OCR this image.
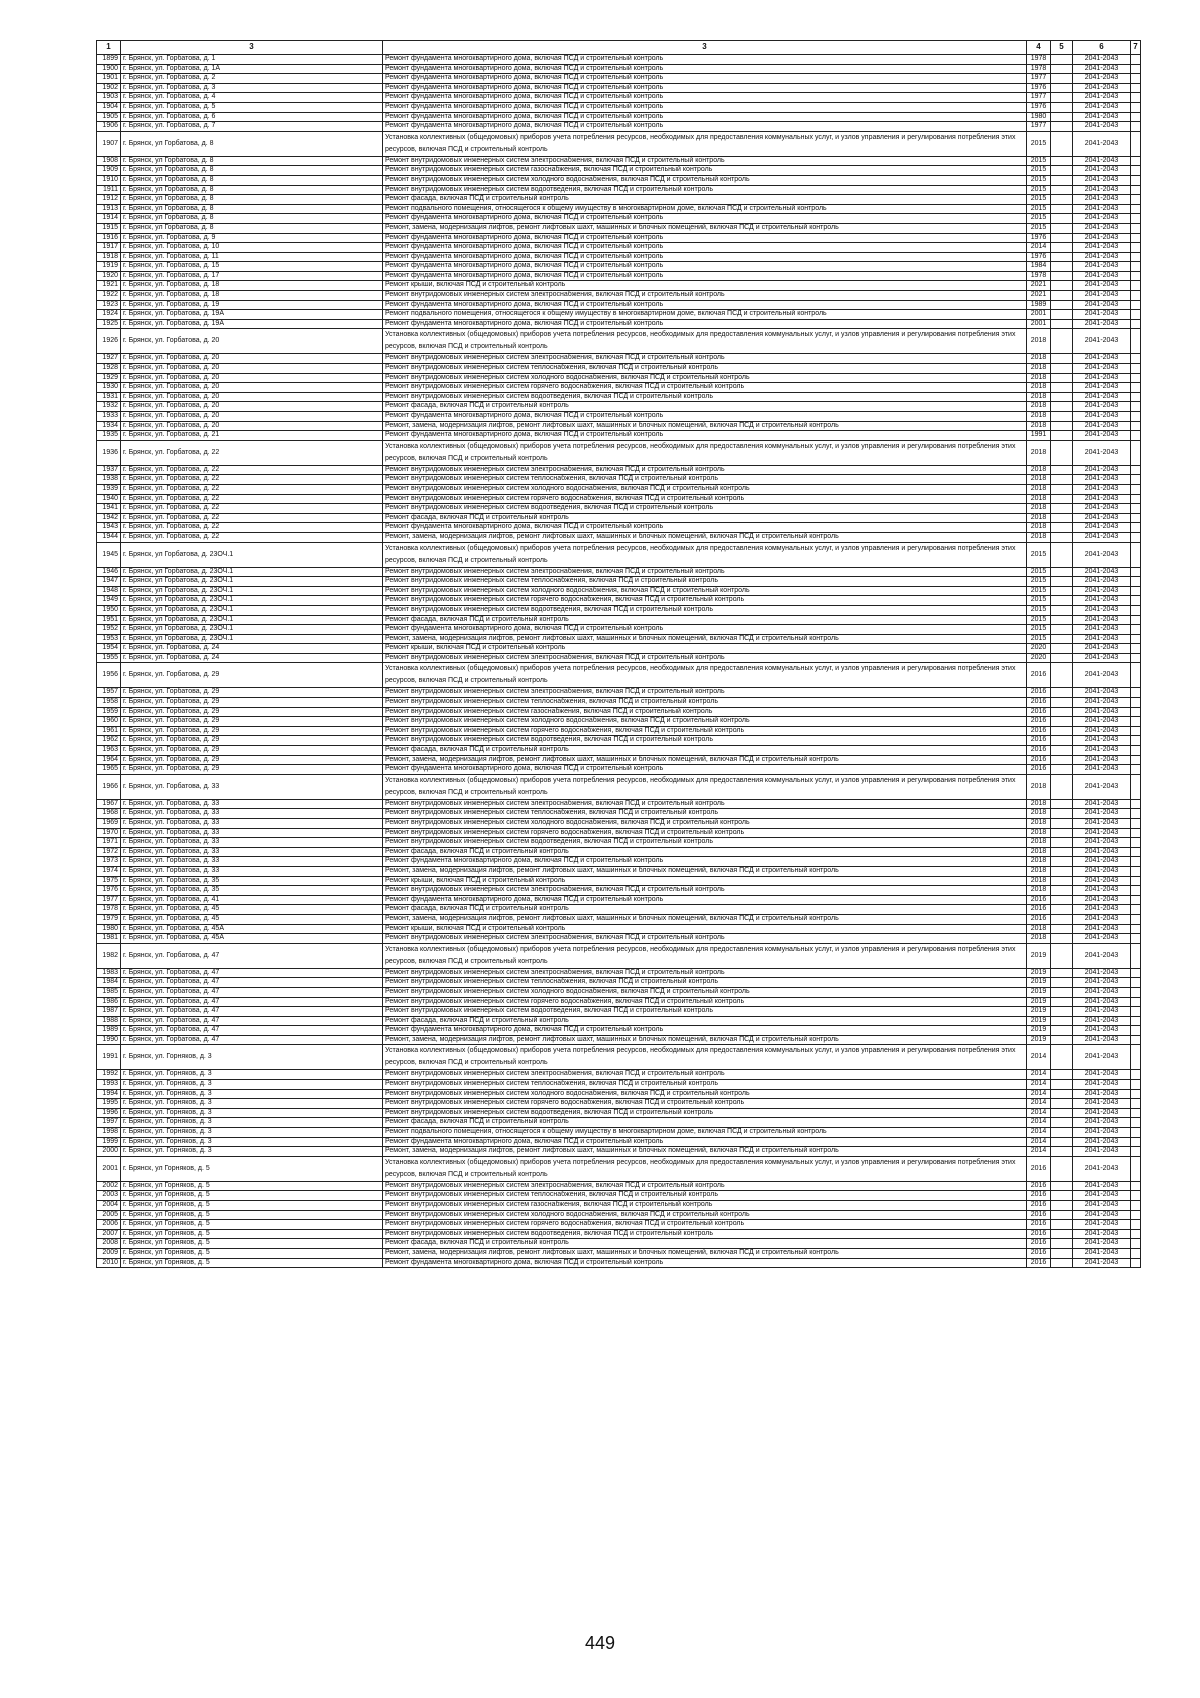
1	3	3	4	5	6	7
1899	г. Брянск, ул. Горбатова, д. 1	Ремонт фундамента многоквартирного дома, включая ПСД и строительный контроль	1978		2041-2043	
1900	г. Брянск, ул. Горбатова, д. 1А	Ремонт фундамента многоквартирного дома, включая ПСД и строительный контроль	1978		2041-2043	
1901	г. Брянск, ул. Горбатова, д. 2	Ремонт фундамента многоквартирного дома, включая ПСД и строительный контроль	1977		2041-2043	
1902	г. Брянск, ул. Горбатова, д. 3	Ремонт фундамента многоквартирного дома, включая ПСД и строительный контроль	1976		2041-2043	
1903	г. Брянск, ул. Горбатова, д. 4	Ремонт фундамента многоквартирного дома, включая ПСД и строительный контроль	1977		2041-2043	
1904	г. Брянск, ул. Горбатова, д. 5	Ремонт фундамента многоквартирного дома, включая ПСД и строительный контроль	1976		2041-2043	
1905	г. Брянск, ул. Горбатова, д. 6	Ремонт фундамента многоквартирного дома, включая ПСД и строительный контроль	1980		2041-2043	
1906	г. Брянск, ул. Горбатова, д. 7	Ремонт фундамента многоквартирного дома, включая ПСД и строительный контроль	1977		2041-2043	
1907	г. Брянск, ул Горбатова, д. 8	Установка коллективных (общедомовых) приборов учета потребления ресурсов, необходимых для предоставления коммунальных услуг, и узлов управления и регулирования потребления этих ресурсов, включая ПСД и строительный контроль	2015		2041-2043	
1908	г. Брянск, ул Горбатова, д. 8	Ремонт внутридомовых инженерных систем электроснабжения, включая ПСД и строительный контроль	2015		2041-2043	
1909	г. Брянск, ул Горбатова, д. 8	Ремонт внутридомовых инженерных систем газоснабжения, включая ПСД и строительный контроль	2015		2041-2043	
1910	г. Брянск, ул Горбатова, д. 8	Ремонт внутридомовых инженерных систем холодного водоснабжения, включая ПСД и строительный контроль	2015		2041-2043	
1911	г. Брянск, ул Горбатова, д. 8	Ремонт внутридомовых инженерных систем водоотведения, включая ПСД и строительный контроль	2015		2041-2043	
1912	г. Брянск, ул Горбатова, д. 8	Ремонт фасада, включая ПСД и строительный контроль	2015		2041-2043	
1913	г. Брянск, ул Горбатова, д. 8	Ремонт подвального помещения, относящегося к общему имуществу в многоквартирном доме, включая ПСД и строительный контроль	2015		2041-2043	
1914	г. Брянск, ул Горбатова, д. 8	Ремонт фундамента многоквартирного дома, включая ПСД и строительный контроль	2015		2041-2043	
1915	г. Брянск, ул Горбатова, д. 8	Ремонт, замена, модернизация лифтов, ремонт лифтовых шахт, машинных и блочных помещений, включая ПСД и строительный контроль	2015		2041-2043	
1916	г. Брянск, ул. Горбатова, д. 9	Ремонт фундамента многоквартирного дома, включая ПСД и строительный контроль	1976		2041-2043	
1917	г. Брянск, ул. Горбатова, д. 10	Ремонт фундамента многоквартирного дома, включая ПСД и строительный контроль	2014		2041-2043	
1918	г. Брянск, ул. Горбатова, д. 11	Ремонт фундамента многоквартирного дома, включая ПСД и строительный контроль	1976		2041-2043	
1919	г. Брянск, ул. Горбатова, д. 15	Ремонт фундамента многоквартирного дома, включая ПСД и строительный контроль	1984		2041-2043	
1920	г. Брянск, ул. Горбатова, д. 17	Ремонт фундамента многоквартирного дома, включая ПСД и строительный контроль	1978		2041-2043	
1921	г. Брянск, ул. Горбатова, д. 18	Ремонт крыши, включая ПСД и строительный контроль	2021		2041-2043	
1922	г. Брянск, ул. Горбатова, д. 18	Ремонт внутридомовых инженерных систем электроснабжения, включая ПСД и строительный контроль	2021		2041-2043	
1923	г. Брянск, ул. Горбатова, д. 19	Ремонт фундамента многоквартирного дома, включая ПСД и строительный контроль	1989		2041-2043	
1924	г. Брянск, ул. Горбатова, д. 19А	Ремонт подвального помещения, относящегося к общему имуществу в многоквартирном доме, включая ПСД и строительный контроль	2001		2041-2043	
1925	г. Брянск, ул. Горбатова, д. 19А	Ремонт фундамента многоквартирного дома, включая ПСД и строительный контроль	2001		2041-2043	
1926	г. Брянск, ул. Горбатова, д. 20	Установка коллективных (общедомовых) приборов учета потребления ресурсов, необходимых для предоставления коммунальных услуг, и узлов управления и регулирования потребления этих ресурсов, включая ПСД и строительный контроль	2018		2041-2043	
1927	г. Брянск, ул. Горбатова, д. 20	Ремонт внутридомовых инженерных систем электроснабжения, включая ПСД и строительный контроль	2018		2041-2043	
1928	г. Брянск, ул. Горбатова, д. 20	Ремонт внутридомовых инженерных систем теплоснабжения, включая ПСД и строительный контроль	2018		2041-2043	
1929	г. Брянск, ул. Горбатова, д. 20	Ремонт внутридомовых инженерных систем холодного водоснабжения, включая ПСД и строительный контроль	2018		2041-2043	
1930	г. Брянск, ул. Горбатова, д. 20	Ремонт внутридомовых инженерных систем горячего водоснабжения, включая ПСД и строительный контроль	2018		2041-2043	
1931	г. Брянск, ул. Горбатова, д. 20	Ремонт внутридомовых инженерных систем водоотведения, включая ПСД и строительный контроль	2018		2041-2043	
1932	г. Брянск, ул. Горбатова, д. 20	Ремонт фасада, включая ПСД и строительный контроль	2018		2041-2043	
1933	г. Брянск, ул. Горбатова, д. 20	Ремонт фундамента многоквартирного дома, включая ПСД и строительный контроль	2018		2041-2043	
1934	г. Брянск, ул. Горбатова, д. 20	Ремонт, замена, модернизация лифтов, ремонт лифтовых шахт, машинных и блочных помещений, включая ПСД и строительный контроль	2018		2041-2043	
1935	г. Брянск, ул. Горбатова, д. 21	Ремонт фундамента многоквартирного дома, включая ПСД и строительный контроль	1991		2041-2043	
1936	г. Брянск, ул. Горбатова, д. 22	Установка коллективных (общедомовых) приборов учета потребления ресурсов, необходимых для предоставления коммунальных услуг, и узлов управления и регулирования потребления этих ресурсов, включая ПСД и строительный контроль	2018		2041-2043	
1937	г. Брянск, ул. Горбатова, д. 22	Ремонт внутридомовых инженерных систем электроснабжения, включая ПСД и строительный контроль	2018		2041-2043	
1938	г. Брянск, ул. Горбатова, д. 22	Ремонт внутридомовых инженерных систем теплоснабжения, включая ПСД и строительный контроль	2018		2041-2043	
1939	г. Брянск, ул. Горбатова, д. 22	Ремонт внутридомовых инженерных систем холодного водоснабжения, включая ПСД и строительный контроль	2018		2041-2043	
1940	г. Брянск, ул. Горбатова, д. 22	Ремонт внутридомовых инженерных систем горячего водоснабжения, включая ПСД и строительный контроль	2018		2041-2043	
1941	г. Брянск, ул. Горбатова, д. 22	Ремонт внутридомовых инженерных систем водоотведения, включая ПСД и строительный контроль	2018		2041-2043	
1942	г. Брянск, ул. Горбатова, д. 22	Ремонт фасада, включая ПСД и строительный контроль	2018		2041-2043	
1943	г. Брянск, ул. Горбатова, д. 22	Ремонт фундамента многоквартирного дома, включая ПСД и строительный контроль	2018		2041-2043	
1944	г. Брянск, ул. Горбатова, д. 22	Ремонт, замена, модернизация лифтов, ремонт лифтовых шахт, машинных и блочных помещений, включая ПСД и строительный контроль	2018		2041-2043	
1945	г. Брянск, ул Горбатова, д. 23ОЧ.1	Установка коллективных (общедомовых) приборов учета потребления ресурсов, необходимых для предоставления коммунальных услуг, и узлов управления и регулирования потребления этих ресурсов, включая ПСД и строительный контроль	2015		2041-2043	
1946	г. Брянск, ул Горбатова, д. 23ОЧ.1	Ремонт внутридомовых инженерных систем электроснабжения, включая ПСД и строительный контроль	2015		2041-2043	
1947	г. Брянск, ул Горбатова, д. 23ОЧ.1	Ремонт внутридомовых инженерных систем теплоснабжения, включая ПСД и строительный контроль	2015		2041-2043	
1948	г. Брянск, ул Горбатова, д. 23ОЧ.1	Ремонт внутридомовых инженерных систем холодного водоснабжения, включая ПСД и строительный контроль	2015		2041-2043	
1949	г. Брянск, ул Горбатова, д. 23ОЧ.1	Ремонт внутридомовых инженерных систем горячего водоснабжения, включая ПСД и строительный контроль	2015		2041-2043	
1950	г. Брянск, ул Горбатова, д. 23ОЧ.1	Ремонт внутридомовых инженерных систем водоотведения, включая ПСД и строительный контроль	2015		2041-2043	
1951	г. Брянск, ул Горбатова, д. 23ОЧ.1	Ремонт фасада, включая ПСД и строительный контроль	2015		2041-2043	
1952	г. Брянск, ул Горбатова, д. 23ОЧ.1	Ремонт фундамента многоквартирного дома, включая ПСД и строительный контроль	2015		2041-2043	
1953	г. Брянск, ул Горбатова, д. 23ОЧ.1	Ремонт, замена, модернизация лифтов, ремонт лифтовых шахт, машинных и блочных помещений, включая ПСД и строительный контроль	2015		2041-2043	
1954	г. Брянск, ул. Горбатова, д. 24	Ремонт крыши, включая ПСД и строительный контроль	2020		2041-2043	
1955	г. Брянск, ул. Горбатова, д. 24	Ремонт внутридомовых инженерных систем электроснабжения, включая ПСД и строительный контроль	2020		2041-2043	
1956	г. Брянск, ул. Горбатова, д. 29	Установка коллективных (общедомовых) приборов учета потребления ресурсов, необходимых для предоставления коммунальных услуг, и узлов управления и регулирования потребления этих ресурсов, включая ПСД и строительный контроль	2016		2041-2043	
1957	г. Брянск, ул. Горбатова, д. 29	Ремонт внутридомовых инженерных систем электроснабжения, включая ПСД и строительный контроль	2016		2041-2043	
1958	г. Брянск, ул. Горбатова, д. 29	Ремонт внутридомовых инженерных систем теплоснабжения, включая ПСД и строительный контроль	2016		2041-2043	
1959	г. Брянск, ул. Горбатова, д. 29	Ремонт внутридомовых инженерных систем газоснабжения, включая ПСД и строительный контроль	2016		2041-2043	
1960	г. Брянск, ул. Горбатова, д. 29	Ремонт внутридомовых инженерных систем холодного водоснабжения, включая ПСД и строительный контроль	2016		2041-2043	
1961	г. Брянск, ул. Горбатова, д. 29	Ремонт внутридомовых инженерных систем горячего водоснабжения, включая ПСД и строительный контроль	2016		2041-2043	
1962	г. Брянск, ул. Горбатова, д. 29	Ремонт внутридомовых инженерных систем водоотведения, включая ПСД и строительный контроль	2016		2041-2043	
1963	г. Брянск, ул. Горбатова, д. 29	Ремонт фасада, включая ПСД и строительный контроль	2016		2041-2043	
1964	г. Брянск, ул. Горбатова, д. 29	Ремонт, замена, модернизация лифтов, ремонт лифтовых шахт, машинных и блочных помещений, включая ПСД и строительный контроль	2016		2041-2043	
1965	г. Брянск, ул. Горбатова, д. 29	Ремонт фундамента многоквартирного дома, включая ПСД и строительный контроль	2016		2041-2043	
1966	г. Брянск, ул. Горбатова, д. 33	Установка коллективных (общедомовых) приборов учета потребления ресурсов, необходимых для предоставления коммунальных услуг, и узлов управления и регулирования потребления этих ресурсов, включая ПСД и строительный контроль	2018		2041-2043	
1967	г. Брянск, ул. Горбатова, д. 33	Ремонт внутридомовых инженерных систем электроснабжения, включая ПСД и строительный контроль	2018		2041-2043	
1968	г. Брянск, ул. Горбатова, д. 33	Ремонт внутридомовых инженерных систем теплоснабжения, включая ПСД и строительный контроль	2018		2041-2043	
1969	г. Брянск, ул. Горбатова, д. 33	Ремонт внутридомовых инженерных систем холодного водоснабжения, включая ПСД и строительный контроль	2018		2041-2043	
1970	г. Брянск, ул. Горбатова, д. 33	Ремонт внутридомовых инженерных систем горячего водоснабжения, включая ПСД и строительный контроль	2018		2041-2043	
1971	г. Брянск, ул. Горбатова, д. 33	Ремонт внутридомовых инженерных систем водоотведения, включая ПСД и строительный контроль	2018		2041-2043	
1972	г. Брянск, ул. Горбатова, д. 33	Ремонт фасада, включая ПСД и строительный контроль	2018		2041-2043	
1973	г. Брянск, ул. Горбатова, д. 33	Ремонт фундамента многоквартирного дома, включая ПСД и строительный контроль	2018		2041-2043	
1974	г. Брянск, ул. Горбатова, д. 33	Ремонт, замена, модернизация лифтов, ремонт лифтовых шахт, машинных и блочных помещений, включая ПСД и строительный контроль	2018		2041-2043	
1975	г. Брянск, ул. Горбатова, д. 35	Ремонт крыши, включая ПСД и строительный контроль	2018		2041-2043	
1976	г. Брянск, ул. Горбатова, д. 35	Ремонт внутридомовых инженерных систем электроснабжения, включая ПСД и строительный контроль	2018		2041-2043	
1977	г. Брянск, ул. Горбатова, д. 41	Ремонт фундамента многоквартирного дома, включая ПСД и строительный контроль	2016		2041-2043	
1978	г. Брянск, ул. Горбатова, д. 45	Ремонт фасада, включая ПСД и строительный контроль	2016		2041-2043	
1979	г. Брянск, ул. Горбатова, д. 45	Ремонт, замена, модернизация лифтов, ремонт лифтовых шахт, машинных и блочных помещений, включая ПСД и строительный контроль	2016		2041-2043	
1980	г. Брянск, ул. Горбатова, д. 45А	Ремонт крыши, включая ПСД и строительный контроль	2018		2041-2043	
1981	г. Брянск, ул. Горбатова, д. 45А	Ремонт внутридомовых инженерных систем электроснабжения, включая ПСД и строительный контроль	2018		2041-2043	
1982	г. Брянск, ул. Горбатова, д. 47	Установка коллективных (общедомовых) приборов учета потребления ресурсов, необходимых для предоставления коммунальных услуг, и узлов управления и регулирования потребления этих ресурсов, включая ПСД и строительный контроль	2019		2041-2043	
1983	г. Брянск, ул. Горбатова, д. 47	Ремонт внутридомовых инженерных систем электроснабжения, включая ПСД и строительный контроль	2019		2041-2043	
1984	г. Брянск, ул. Горбатова, д. 47	Ремонт внутридомовых инженерных систем теплоснабжения, включая ПСД и строительный контроль	2019		2041-2043	
1985	г. Брянск, ул. Горбатова, д. 47	Ремонт внутридомовых инженерных систем холодного водоснабжения, включая ПСД и строительный контроль	2019		2041-2043	
1986	г. Брянск, ул. Горбатова, д. 47	Ремонт внутридомовых инженерных систем горячего водоснабжения, включая ПСД и строительный контроль	2019		2041-2043	
1987	г. Брянск, ул. Горбатова, д. 47	Ремонт внутридомовых инженерных систем водоотведения, включая ПСД и строительный контроль	2019		2041-2043	
1988	г. Брянск, ул. Горбатова, д. 47	Ремонт фасада, включая ПСД и строительный контроль	2019		2041-2043	
1989	г. Брянск, ул. Горбатова, д. 47	Ремонт фундамента многоквартирного дома, включая ПСД и строительный контроль	2019		2041-2043	
1990	г. Брянск, ул. Горбатова, д. 47	Ремонт, замена, модернизация лифтов, ремонт лифтовых шахт, машинных и блочных помещений, включая ПСД и строительный контроль	2019		2041-2043	
1991	г. Брянск, ул. Горняков, д. 3	Установка коллективных (общедомовых) приборов учета потребления ресурсов, необходимых для предоставления коммунальных услуг, и узлов управления и регулирования потребления этих ресурсов, включая ПСД и строительный контроль	2014		2041-2043	
1992	г. Брянск, ул. Горняков, д. 3	Ремонт внутридомовых инженерных систем электроснабжения, включая ПСД и строительный контроль	2014		2041-2043	
1993	г. Брянск, ул. Горняков, д. 3	Ремонт внутридомовых инженерных систем теплоснабжения, включая ПСД и строительный контроль	2014		2041-2043	
1994	г. Брянск, ул. Горняков, д. 3	Ремонт внутридомовых инженерных систем холодного водоснабжения, включая ПСД и строительный контроль	2014		2041-2043	
1995	г. Брянск, ул. Горняков, д. 3	Ремонт внутридомовых инженерных систем горячего водоснабжения, включая ПСД и строительный контроль	2014		2041-2043	
1996	г. Брянск, ул. Горняков, д. 3	Ремонт внутридомовых инженерных систем водоотведения, включая ПСД и строительный контроль	2014		2041-2043	
1997	г. Брянск, ул. Горняков, д. 3	Ремонт фасада, включая ПСД и строительный контроль	2014		2041-2043	
1998	г. Брянск, ул. Горняков, д. 3	Ремонт подвального помещения, относящегося к общему имуществу в многоквартирном доме, включая ПСД и строительный контроль	2014		2041-2043	
1999	г. Брянск, ул. Горняков, д. 3	Ремонт фундамента многоквартирного дома, включая ПСД и строительный контроль	2014		2041-2043	
2000	г. Брянск, ул. Горняков, д. 3	Ремонт, замена, модернизация лифтов, ремонт лифтовых шахт, машинных и блочных помещений, включая ПСД и строительный контроль	2014		2041-2043	
2001	г. Брянск, ул Горняков, д. 5	Установка коллективных (общедомовых) приборов учета потребления ресурсов, необходимых для предоставления коммунальных услуг, и узлов управления и регулирования потребления этих ресурсов, включая ПСД и строительный контроль	2016		2041-2043	
2002	г. Брянск, ул Горняков, д. 5	Ремонт внутридомовых инженерных систем электроснабжения, включая ПСД и строительный контроль	2016		2041-2043	
2003	г. Брянск, ул Горняков, д. 5	Ремонт внутридомовых инженерных систем теплоснабжения, включая ПСД и строительный контроль	2016		2041-2043	
2004	г. Брянск, ул Горняков, д. 5	Ремонт внутридомовых инженерных систем газоснабжения, включая ПСД и строительный контроль	2016		2041-2043	
2005	г. Брянск, ул Горняков, д. 5	Ремонт внутридомовых инженерных систем холодного водоснабжения, включая ПСД и строительный контроль	2016		2041-2043	
2006	г. Брянск, ул Горняков, д. 5	Ремонт внутридомовых инженерных систем горячего водоснабжения, включая ПСД и строительный контроль	2016		2041-2043	
2007	г. Брянск, ул Горняков, д. 5	Ремонт внутридомовых инженерных систем водоотведения, включая ПСД и строительный контроль	2016		2041-2043	
2008	г. Брянск, ул Горняков, д. 5	Ремонт фасада, включая ПСД и строительный контроль	2016		2041-2043	
2009	г. Брянск, ул Горняков, д. 5	Ремонт, замена, модернизация лифтов, ремонт лифтовых шахт, машинных и блочных помещений, включая ПСД и строительный контроль	2016		2041-2043	
2010	г. Брянск, ул Горняков, д. 5	Ремонт фундамента многоквартирного дома, включая ПСД и строительный контроль	2016		2041-2043	
449
